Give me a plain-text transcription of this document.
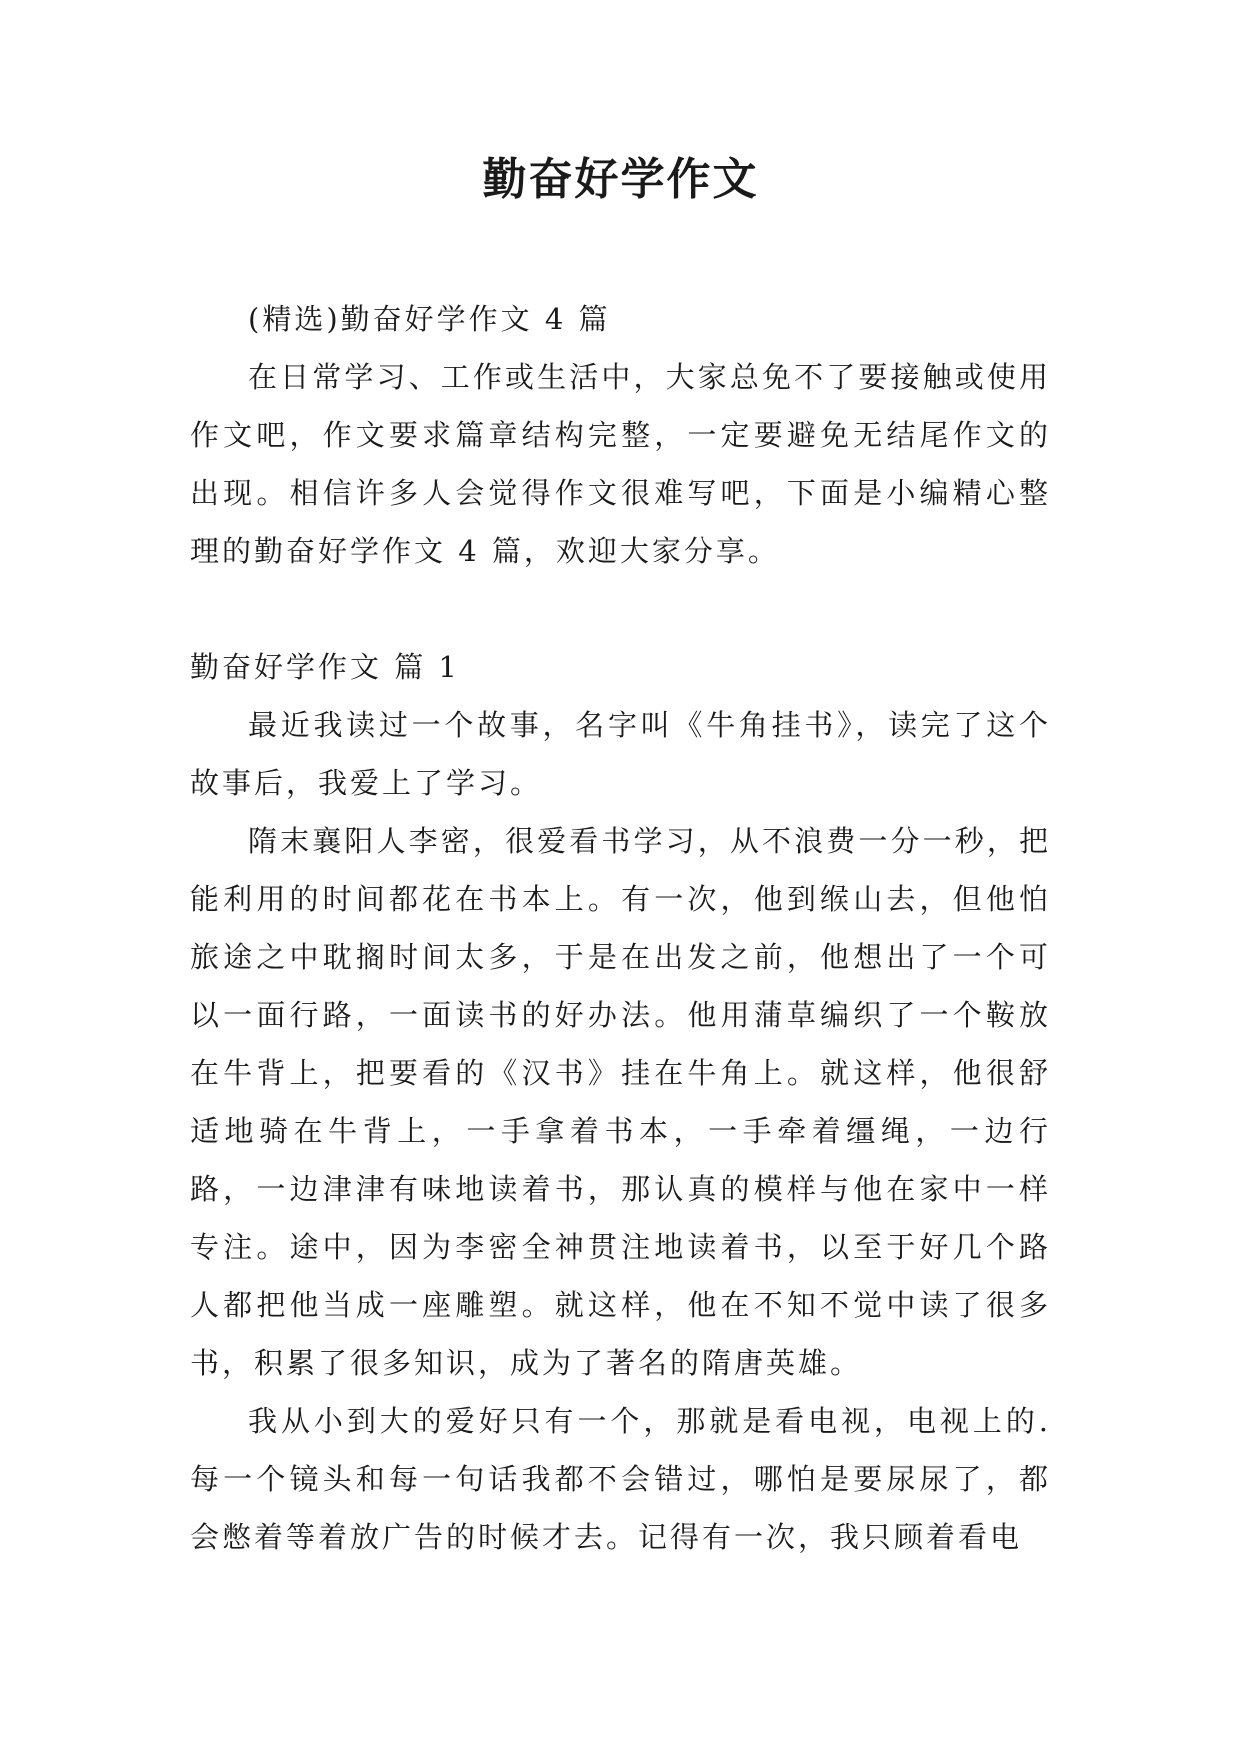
勤奋好学作文

(精选)勤奋好学作文 4 篇

在日常学习、工作或生活中，大家总免不了要接触或使用作文吧，作文要求篇章结构完整，一定要避免无结尾作文的出现。相信许多人会觉得作文很难写吧，下面是小编精心整理的勤奋好学作文 4 篇，欢迎大家分享。

勤奋好学作文 篇 1

最近我读过一个故事，名字叫《牛角挂书》，读完了这个故事后，我爱上了学习。

隋末襄阳人李密，很爱看书学习，从不浪费一分一秒，把能利用的时间都花在书本上。有一次，他到缑山去，但他怕旅途之中耽搁时间太多，于是在出发之前，他想出了一个可以一面行路，一面读书的好办法。他用蒲草编织了一个鞍放在牛背上，把要看的《汉书》挂在牛角上。就这样，他很舒适地骑在牛背上，一手拿着书本，一手牵着缰绳，一边行路，一边津津有味地读着书，那认真的模样与他在家中一样专注。途中，因为李密全神贯注地读着书，以至于好几个路人都把他当成一座雕塑。就这样，他在不知不觉中读了很多书，积累了很多知识，成为了著名的隋唐英雄。

我从小到大的爱好只有一个，那就是看电视，电视上的.每一个镜头和每一句话我都不会错过，哪怕是要尿尿了，都会憋着等着放广告的时候才去。记得有一次，我只顾着看电
